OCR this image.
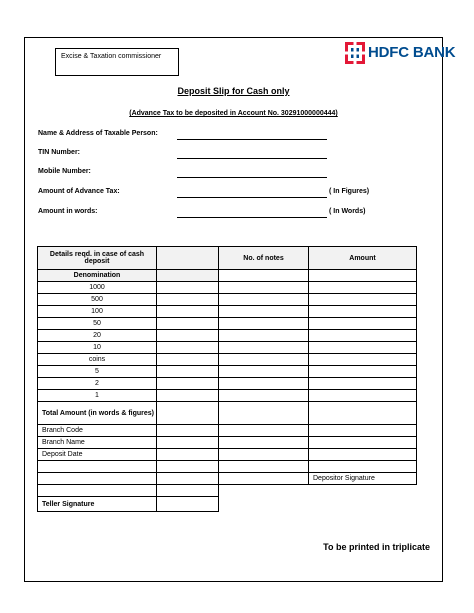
Excise & Taxation commissioner	HDFC BANK
Deposit Slip for Cash only
(Advance Tax to be deposited in Account No. 30291000000444)
Name & Address of Taxable Person:
TIN Number:
Mobile Number:
Amount of Advance Tax:	( In Figures)
Amount in words:	( In Words)
Details reqd. in case of cash deposit		No. of notes	Amount
Denomination			
1000			
500			
100			
50			
20			
10			
coins			
5			
2			
1			
Total Amount (in words & figures)			
Branch Code			
Branch Name			
Deposit Date			

			Depositor Signature

Teller Signature			
To be printed in triplicate
